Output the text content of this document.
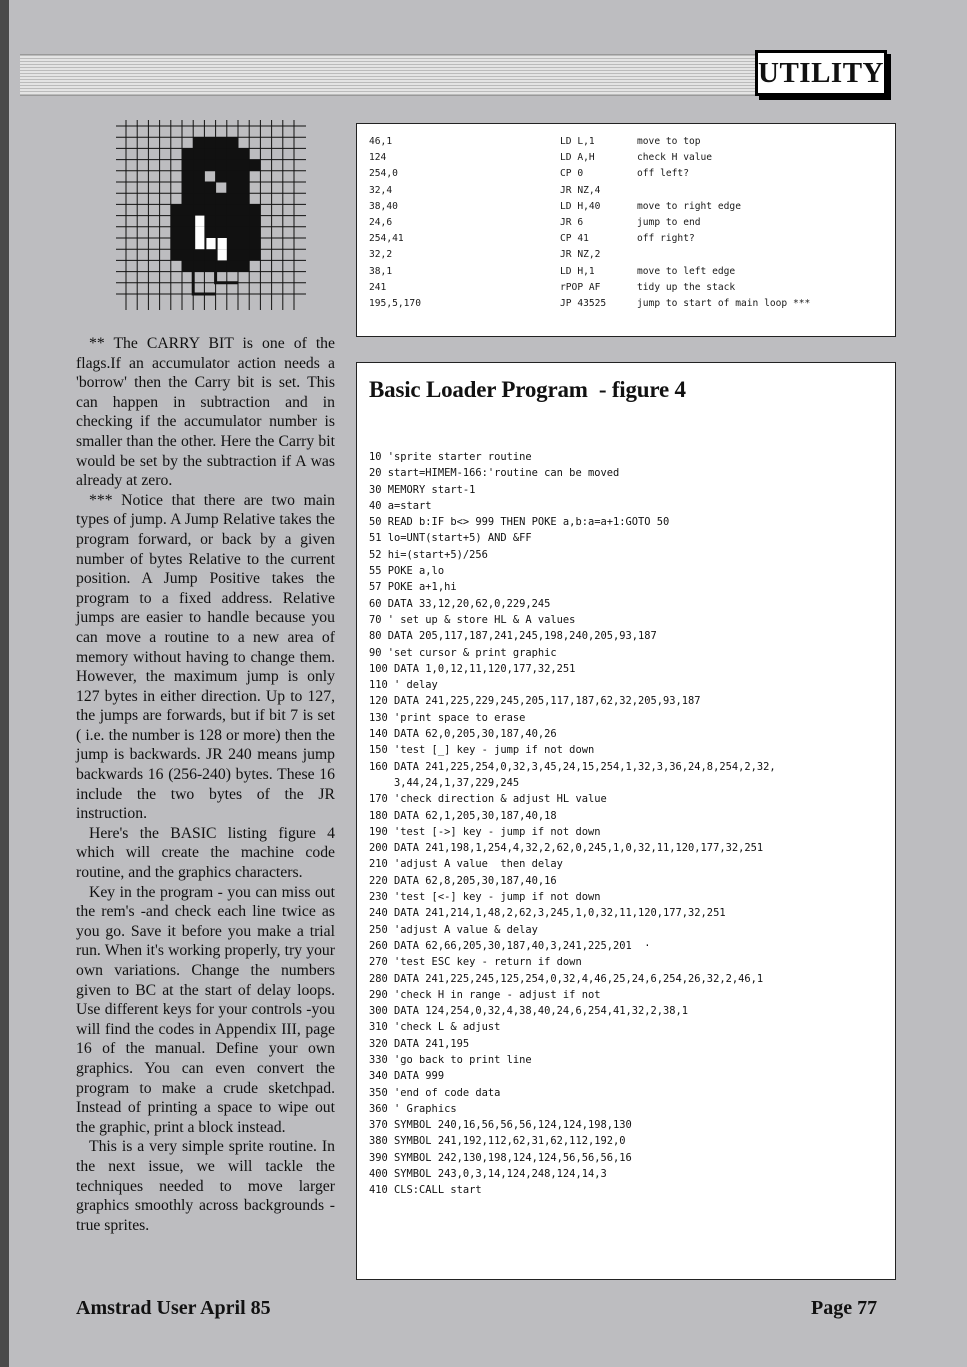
UTILITY

** The CARRY BIT is one of the flags.If an accumulator action needs a 'borrow' then the Carry bit is set. This can happen in subtraction and in checking if the accumulator number is smaller than the other. Here the Carry bit would be set by the subtraction if A was already at zero.

*** Notice that there are two main types of jump. A Jump Relative takes the program forward, or back by a given number of bytes Relative to the current position. A Jump Positive takes the program to a fixed address. Relative jumps are easier to handle because you can move a routine to a new area of memory without having to change them. However, the maximum jump is only 127 bytes in either direction. Up to 127, the jumps are forwards, but if bit 7 is set ( i.e. the number is 128 or more) then the jump is backwards. JR 240 means jump backwards 16 (256-240) bytes. These 16 include the two bytes of the JR instruction.

Here's the BASIC listing figure 4 which will create the machine code routine, and the graphics characters.

Key in the program - you can miss out the rem's -and check each line twice as you go. Save it before you make a trial run. When it's working properly, try your own variations. Change the numbers given to BC at the start of delay loops. Use different keys for your controls -you will find the codes in Appendix III, page 16 of the manual. Define your own graphics. You can even convert the program to make a crude sketchpad. Instead of printing a space to wipe out the graphic, print a block instead.

This is a very simple sprite routine. In the next issue, we will tackle the techniques needed to move larger graphics smoothly across backgrounds -true sprites.

46,1	LD L,1	move to top
124	LD A,H	check H value
254,0	CP 0	off left?
32,4	JR NZ,4
38,40	LD H,40	move to right edge
24,6	JR 6	jump to end
254,41	CP 41	off right?
32,2	JR NZ,2
38,1	LD H,1	move to left edge
241	rPOP AF	tidy up the stack
195,5,170	JP 43525	jump to start of main loop ***
Basic Loader Program  - figure 4
10 'sprite starter routine
20 start=HIMEM-166:'routine can be moved
30 MEMORY start-1
40 a=start
50 READ b:IF b<> 999 THEN POKE a,b:a=a+1:GOTO 50
51 lo=UNT(start+5) AND &FF
52 hi=(start+5)/256
55 POKE a,lo
57 POKE a+1,hi
60 DATA 33,12,20,62,0,229,245
70 ' set up & store HL & A values
80 DATA 205,117,187,241,245,198,240,205,93,187
90 'set cursor & print graphic
100 DATA 1,0,12,11,120,177,32,251
110 ' delay
120 DATA 241,225,229,245,205,117,187,62,32,205,93,187
130 'print space to erase
140 DATA 62,0,205,30,187,40,26
150 'test [_] key - jump if not down
160 DATA 241,225,254,0,32,3,45,24,15,254,1,32,3,36,24,8,254,2,32,
3,44,24,1,37,229,245
170 'check direction & adjust HL value
180 DATA 62,1,205,30,187,40,18
190 'test [->] key - jump if not down
200 DATA 241,198,1,254,4,32,2,62,0,245,1,0,32,11,120,177,32,251
210 'adjust A value  then delay
220 DATA 62,8,205,30,187,40,16
230 'test [<-] key - jump if not down
240 DATA 241,214,1,48,2,62,3,245,1,0,32,11,120,177,32,251
250 'adjust A value & delay
260 DATA 62,66,205,30,187,40,3,241,225,201  ·
270 'test ESC key - return if down
280 DATA 241,225,245,125,254,0,32,4,46,25,24,6,254,26,32,2,46,1
290 'check H in range - adjust if not
300 DATA 124,254,0,32,4,38,40,24,6,254,41,32,2,38,1
310 'check L & adjust
320 DATA 241,195
330 'go back to print line
340 DATA 999
350 'end of code data
360 ' Graphics
370 SYMBOL 240,16,56,56,56,124,124,198,130
380 SYMBOL 241,192,112,62,31,62,112,192,0
390 SYMBOL 242,130,198,124,124,56,56,56,16
400 SYMBOL 243,0,3,14,124,248,124,14,3
410 CLS:CALL start
Amstrad User April 85	Page 77
